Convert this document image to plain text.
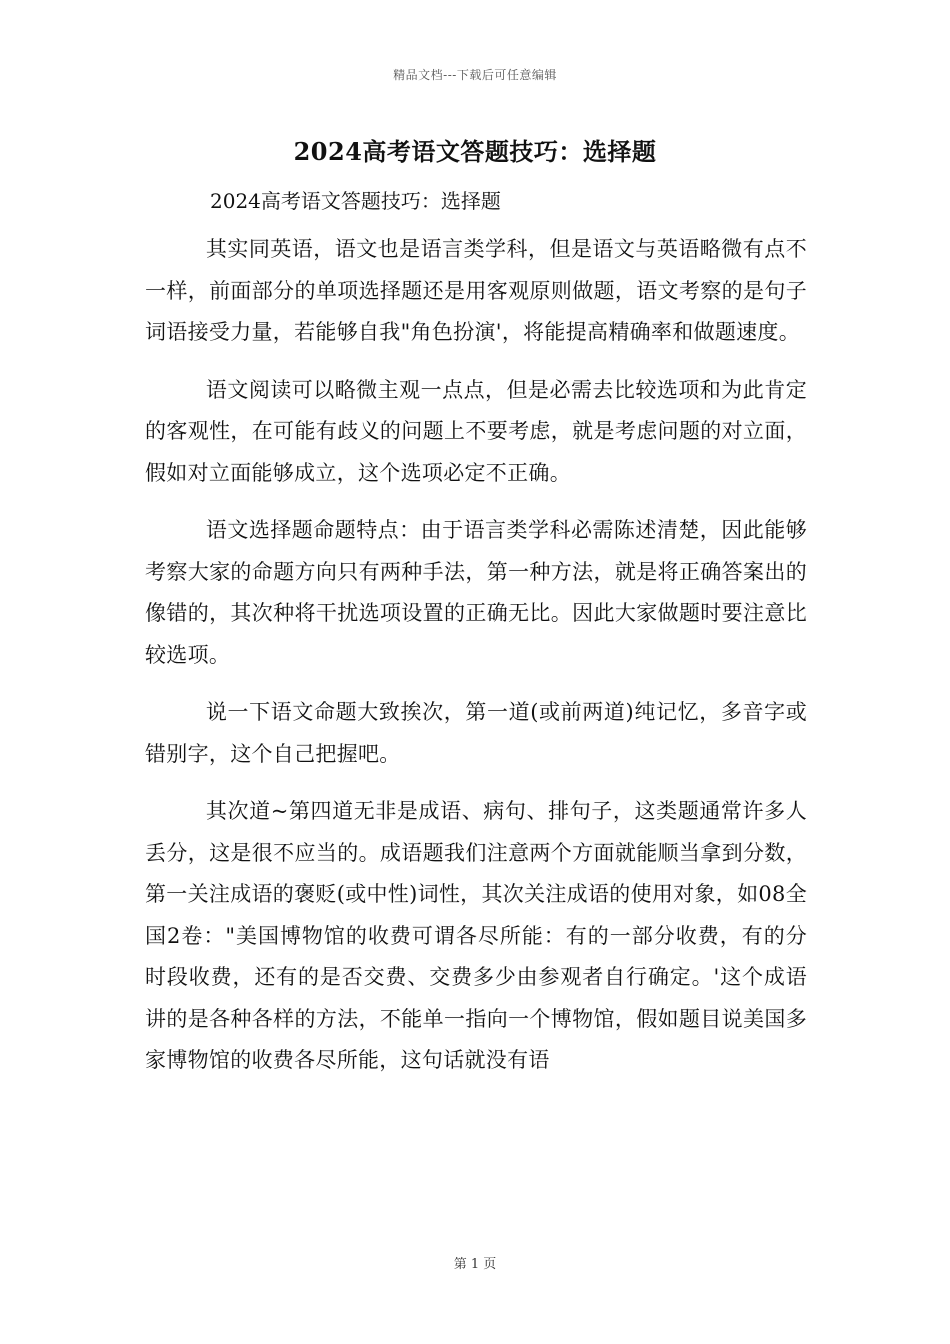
精品文档---下载后可任意编辑
2024高考语文答题技巧：选择题
2024高考语文答题技巧：选择题

其实同英语，语文也是语言类学科，但是语文与英语略微有点不一样，前面部分的单项选择题还是用客观原则做题，语文考察的是句子词语接受力量，若能够自我"角色扮演'，将能提高精确率和做题速度。

语文阅读可以略微主观一点点，但是必需去比较选项和为此肯定的客观性，在可能有歧义的问题上不要考虑，就是考虑问题的对立面，假如对立面能够成立，这个选项必定不正确。

语文选择题命题特点：由于语言类学科必需陈述清楚，因此能够考察大家的命题方向只有两种手法，第一种方法，就是将正确答案出的像错的，其次种将干扰选项设置的正确无比。因此大家做题时要注意比较选项。

说一下语文命题大致挨次，第一道(或前两道)纯记忆，多音字或错别字，这个自己把握吧。

其次道~第四道无非是成语、病句、排句子，这类题通常许多人丢分，这是很不应当的。成语题我们注意两个方面就能顺当拿到分数，第一关注成语的褒贬(或中性)词性，其次关注成语的使用对象，如08全国2卷："美国博物馆的收费可谓各尽所能：有的一部分收费，有的分时段收费，还有的是否交费、交费多少由参观者自行确定。'这个成语讲的是各种各样的方法，不能单一指向一个博物馆，假如题目说美国多家博物馆的收费各尽所能，这句话就没有语

第 1 页
